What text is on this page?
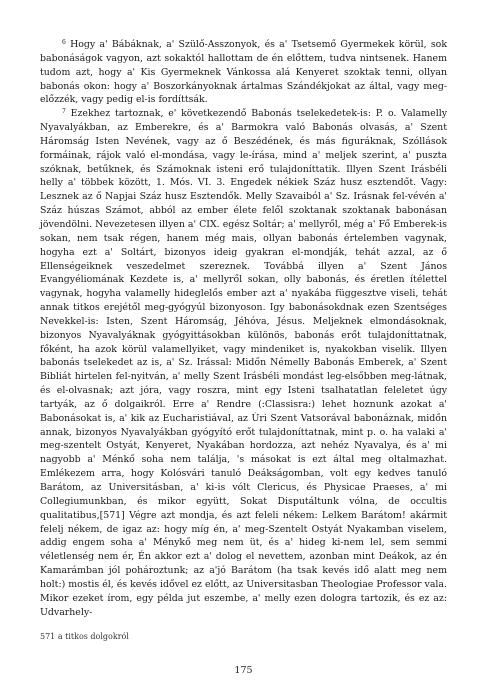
$^6$ Hogy a' Bábáknak, a' Szülő-Asszonyok, és a' Tsetsemő Gyermekek körül, sok babonáságok vagyon, azt sokaktól hallottam de én előttem, tudva nintsenek. Hanem tudom azt, hogy a' Kis Gyermeknek Vánkossa alá Kenyeret szoktak tenni, ollyan babonás okon: hogy a' Boszorkányoknak ártalmas Szándékjokat az által, vagy meg-előzzék, vagy pedig el-is fordíttsák.

$^7$ Ezekhez tartoznak, e' következendő Babonás tselekedetek-is: P. o. Valamelly Nyavalyákban, az Emberekre, és a' Barmokra való Babonás olvasás, a' Szent Háromság Isten Nevének, vagy az ő Beszédének, és más figuráknak, Szóllások formáinak, rájok való el-mondása, vagy le-írása, mind a' meljek szerint, a' puszta szóknak, betűknek, és Számoknak isteni erő tulajdoníttatik. Illyen Szent Irásbéli helly a' többek között, 1. Mós. VI. 3. Engedek nékiek Száz husz esztendőt. Vagy: Lesznek az ő Napjai Száz husz Esztendők. Melly Szavaiból a' Sz. Irásnak fel-vévén a' Száz húszas Számot, abból az ember élete felől szoktanak szoktanak babonásan jövendölni. Nevezetesen illyen a' CIX. egész Soltár; a' mellyről, még a' Fő Emberek-is sokan, nem tsak régen, hanem még mais, ollyan babonás értelemben vagynak, hogyha ezt a' Soltárt, bizonyos ideig gyakran el-mondják, tehát azzal, az ő Ellenségeiknek veszedelmet szereznek. Továbbá illyen a' Szent János Evangyéliomának Kezdete is, a' mellyről sokan, olly babonás, és éretlen ítélettel vagynak, hogyha valamelly hideglelős ember azt a' nyakába függesztve viseli, tehát annak titkos erejétől meg-gyógyúl bizonyoson. Igy babonásokdnak ezen Szentséges Nevekkel-is: Isten, Szent Háromság, Jéhóva, Jésus. Meljeknek elmondásoknak, bizonyos Nyavalyáknak gyógyittásokban különös, babonás erőt tulajdoníttatnak, főként, ha azok körül valamellyiket, vagy mindeniket is, nyakokban viselik. Illyen babonás tselekedet az is, a' Sz. Irással: Midőn Némelly Babonás Emberek, a' Szent Bibliát hirtelen fel-nyitván, a' melly Szent Irásbéli mondást leg-elsőbben meg-látnak, és el-olvasnak; azt jóra, vagy roszra, mint egy Isteni tsalhatatlan feleletet úgy tartyák, az ő dolgaikról. Erre a' Rendre (:Classisra:) lehet hoznunk azokat a' Babonásokat is, a' kik az Eucharistiával, az Ùri Szent Vatsorával babonáznak, midőn annak, bizonyos Nyavalyákban gyógyító erőt tulajdoníttatnak, mint p. o. ha valaki a' meg-szentelt Ostyát, Kenyeret, Nyakában hordozza, azt nehéz Nyavalya, és a' mi nagyobb a' Ménkő soha nem találja, 's másokat is ezt által meg oltalmazhat. Emlékezem arra, hogy Kolósvári tanuló Deákságomban, volt egy kedves tanuló Barátom, az Universitásban, a' ki-is vólt Clericus, és Physicae Praeses, a' mi Collegiumunkban, és mikor együtt, Sokat Disputáltunk vólna, de occultis qualitatibus,[571] Végre azt mondja, és azt feleli nékem: Lelkem Barátom! akármit felelj nékem, de igaz az: hogy míg én, a' meg-Szentelt Ostyát Nyakamban viselem, addig engem soha a' Ménykő meg nem üt, és a' hideg ki-nem lel, sem semmi véletlenség nem ér, Én akkor ezt a' dolog el nevettem, azonban mint Deákok, az én Kamarámban jól pohároztunk; az a'jó Barátom (ha tsak kevés idő alatt meg nem holt:) mostis él, és kevés idővel ez előtt, az Universitasban Theologiae Professor vala. Mikor ezeket írom, egy példa jut eszembe, a' melly ezen dologra tartozik, és ez az: Udvarhely-

571 a titkos dolgokról
175
